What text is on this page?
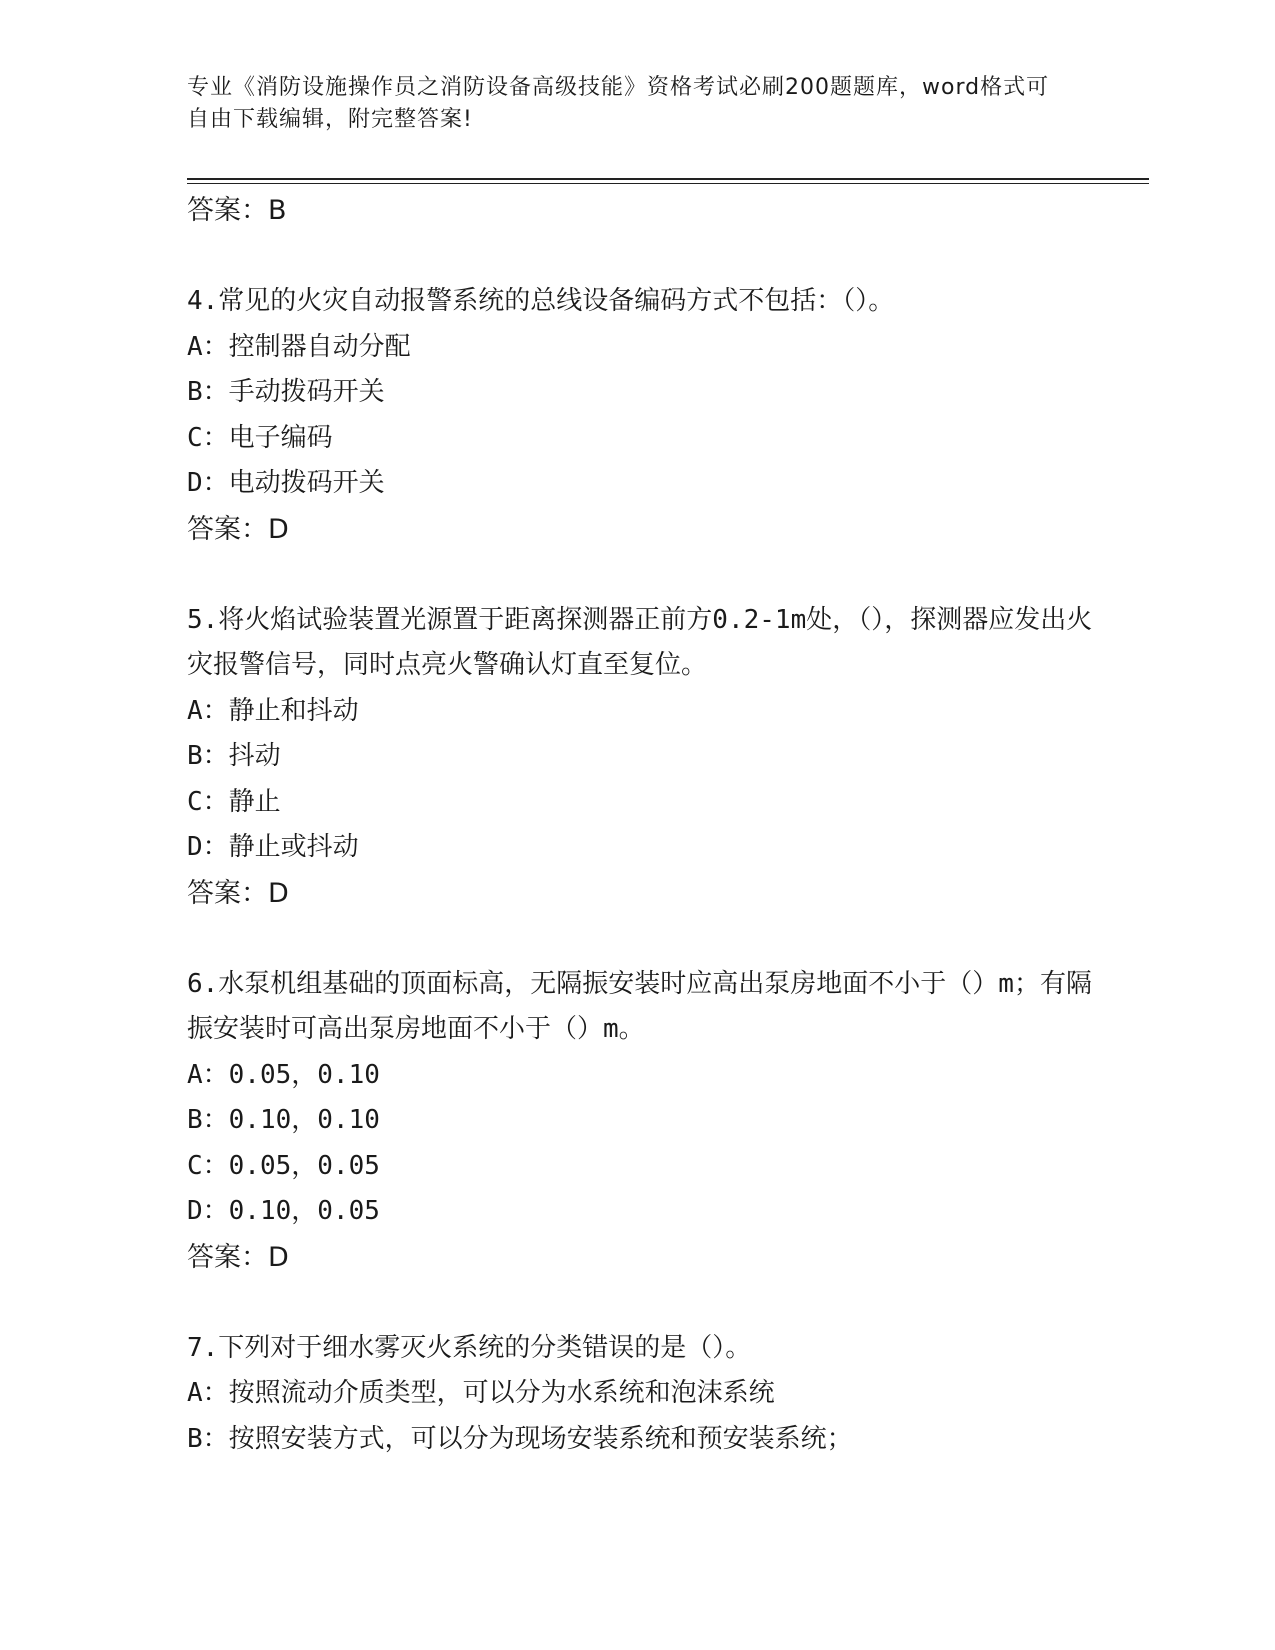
专业《消防设施操作员之消防设备高级技能》资格考试必刷200题题库，word格式可自由下载编辑，附完整答案!
答案：B
4.常见的火灾自动报警系统的总线设备编码方式不包括：（）。
A：控制器自动分配
B：手动拨码开关
C：电子编码
D：电动拨码开关
答案：D
5.将火焰试验装置光源置于距离探测器正前方0.2-1m处，（），探测器应发出火灾报警信号，同时点亮火警确认灯直至复位。
A：静止和抖动
B：抖动
C：静止
D：静止或抖动
答案：D
6.水泵机组基础的顶面标高，无隔振安装时应高出泵房地面不小于（）m；有隔振安装时可高出泵房地面不小于（）m。
A：0.05，0.10
B：0.10，0.10
C：0.05，0.05
D：0.10，0.05
答案：D
7.下列对于细水雾灭火系统的分类错误的是（）。
A：按照流动介质类型，可以分为水系统和泡沫系统
B：按照安装方式，可以分为现场安装系统和预安装系统；
